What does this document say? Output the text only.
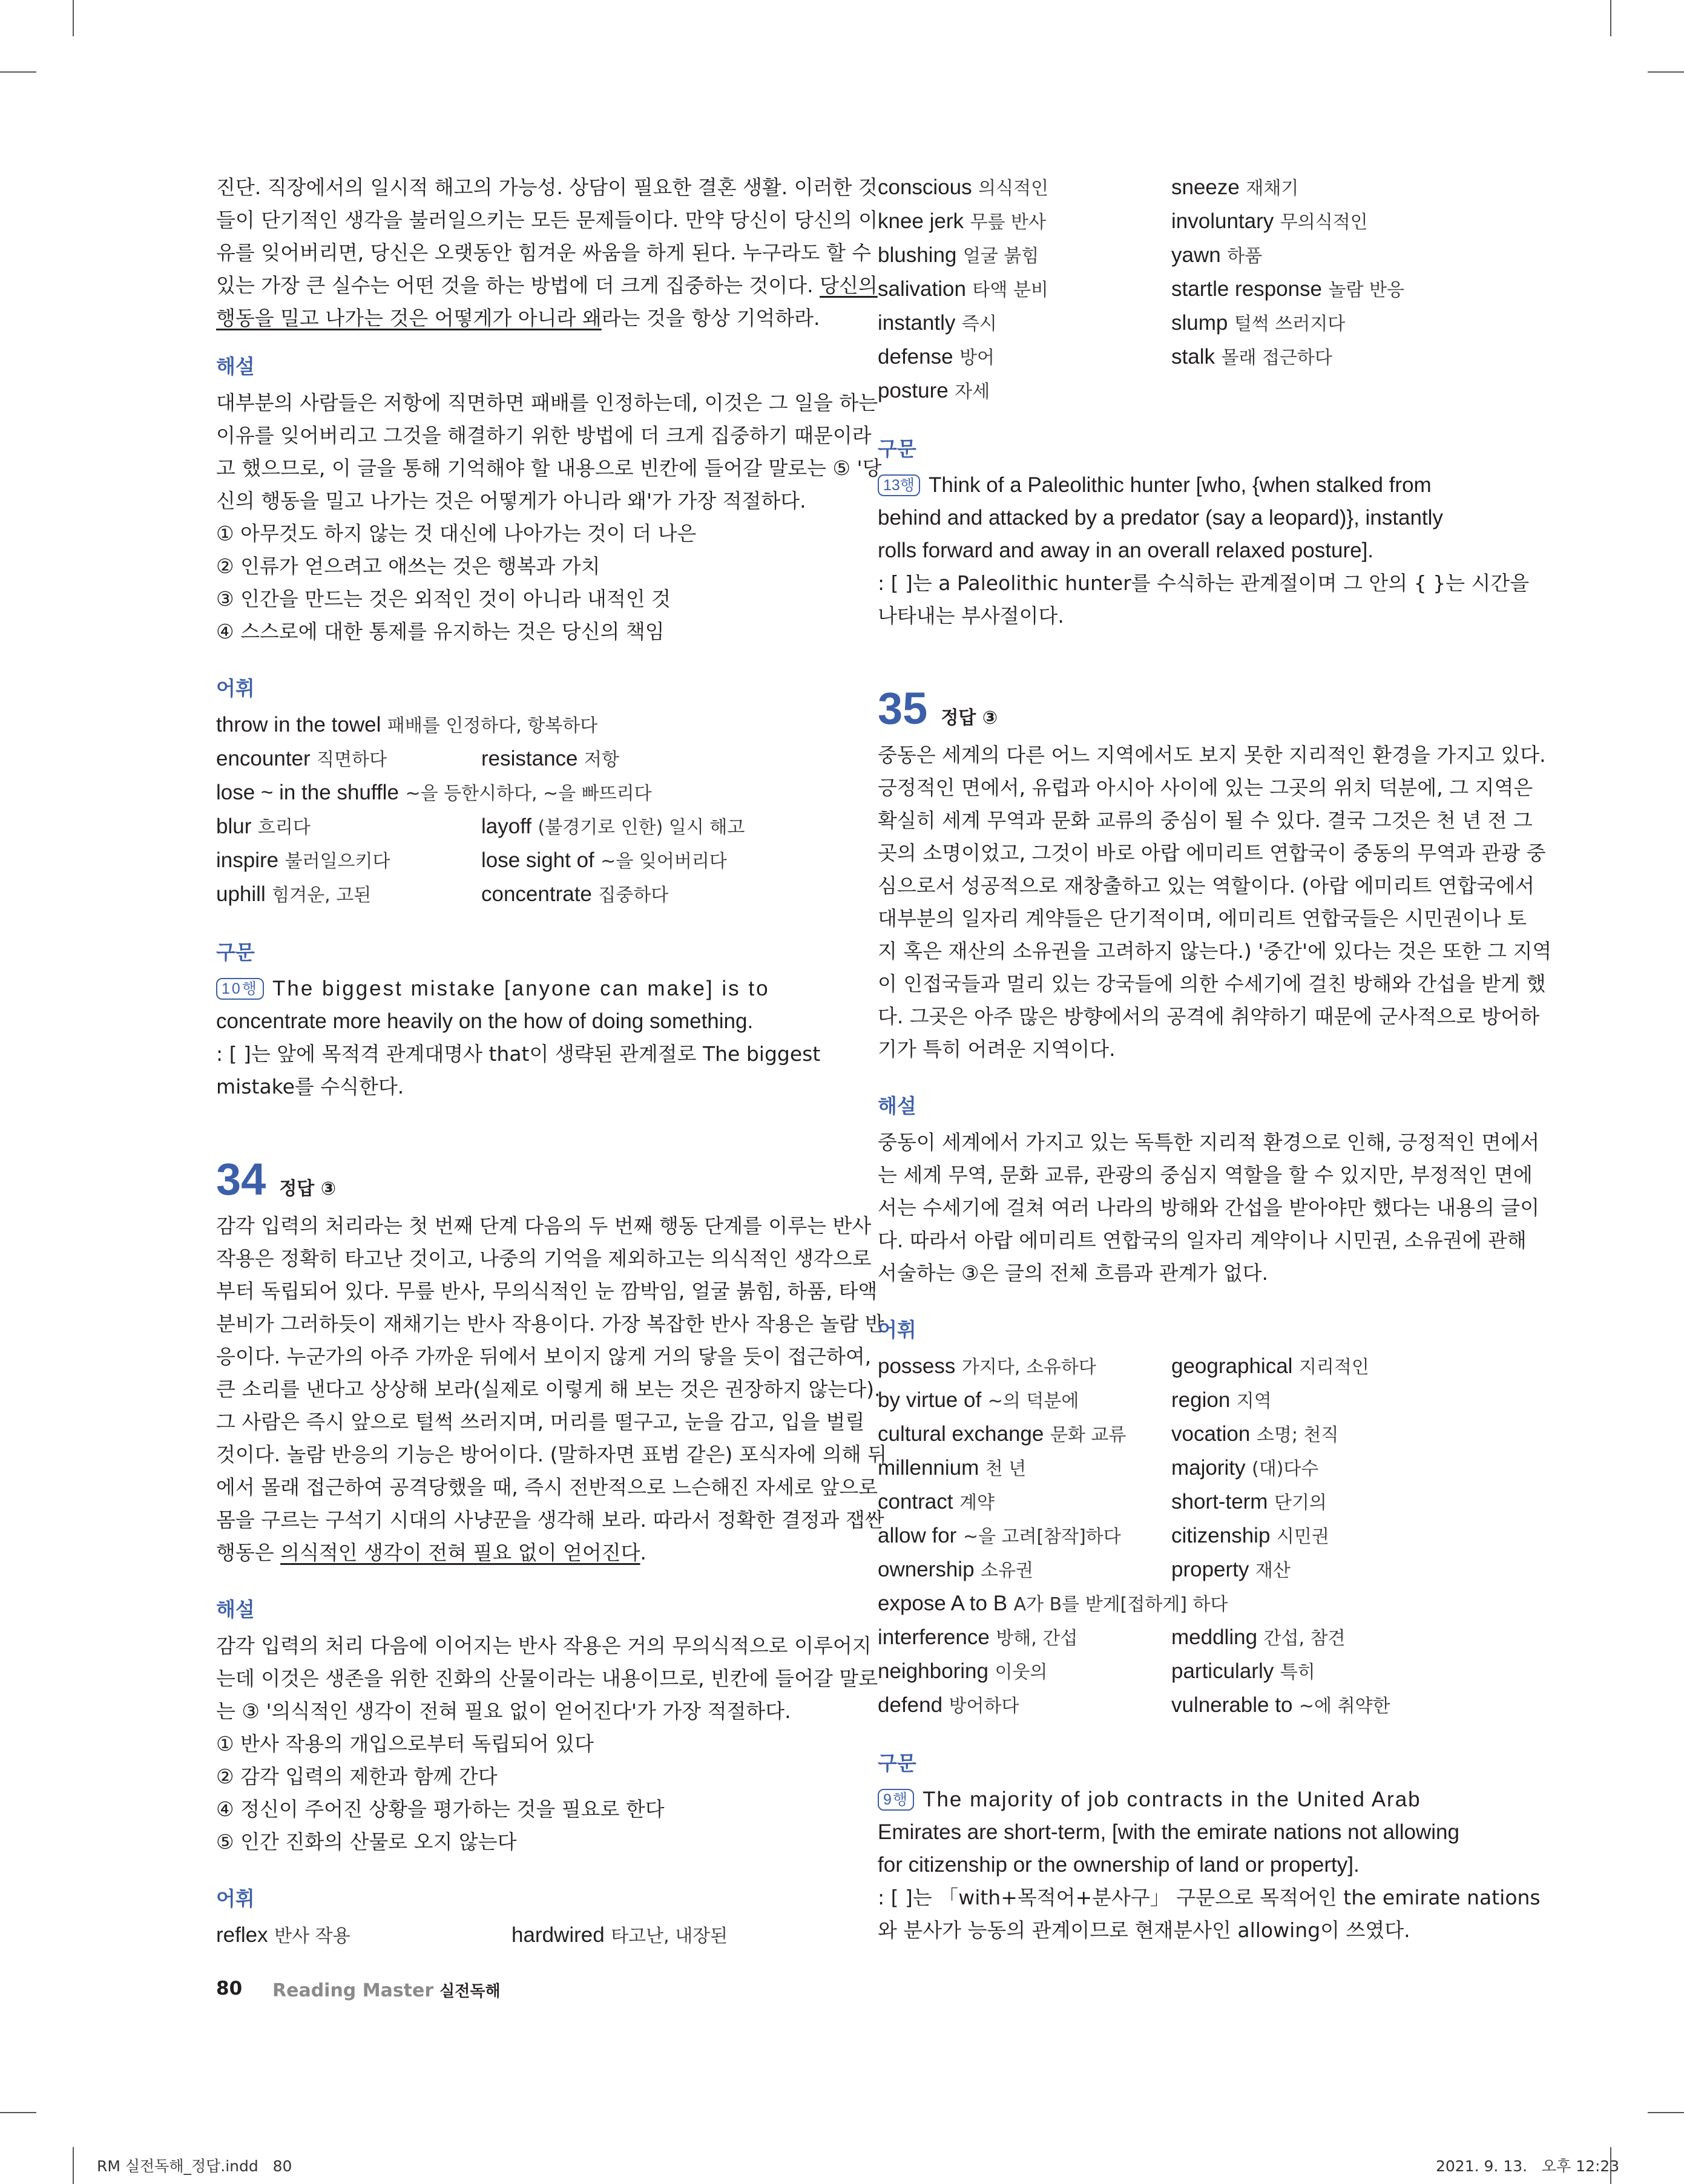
진단. 직장에서의 일시적 해고의 가능성. 상담이 필요한 결혼 생활. 이러한 것

들이 단기적인 생각을 불러일으키는 모든 문제들이다. 만약 당신이 당신의 이

유를 잊어버리면, 당신은 오랫동안 힘겨운 싸움을 하게 된다. 누구라도 할 수

있는 가장 큰 실수는 어떤 것을 하는 방법에 더 크게 집중하는 것이다. 당신의

행동을 밀고 나가는 것은 어떻게가 아니라 왜라는 것을 항상 기억하라.

해설

대부분의 사람들은 저항에 직면하면 패배를 인정하는데, 이것은 그 일을 하는

이유를 잊어버리고 그것을 해결하기 위한 방법에 더 크게 집중하기 때문이라

고 했으므로, 이 글을 통해 기억해야 할 내용으로 빈칸에 들어갈 말로는 ⑤ '당

신의 행동을 밀고 나가는 것은 어떻게가 아니라 왜'가 가장 적절하다.

① 아무것도 하지 않는 것 대신에 나아가는 것이 더 나은

② 인류가 얻으려고 애쓰는 것은 행복과 가치

③ 인간을 만드는 것은 외적인 것이 아니라 내적인 것

④ 스스로에 대한 통제를 유지하는 것은 당신의 책임

어휘
throw in the towel 패배를 인정하다, 항복하다
encounter 직면하다	resistance 저항
lose ~ in the shuffle ~을 등한시하다, ~을 빠뜨리다
blur 흐리다	layoff (불경기로 인한) 일시 해고
inspire 불러일으키다	lose sight of ~을 잊어버리다
uphill 힘겨운, 고된	concentrate 집중하다
구문

10행 The biggest mistake [anyone can make] is to

concentrate more heavily on the how of doing something.

: [ ]는 앞에 목적격 관계대명사 that이 생략된 관계절로 The biggest

mistake를 수식한다.

34 정답 ③

감각 입력의 처리라는 첫 번째 단계 다음의 두 번째 행동 단계를 이루는 반사

작용은 정확히 타고난 것이고, 나중의 기억을 제외하고는 의식적인 생각으로

부터 독립되어 있다. 무릎 반사, 무의식적인 눈 깜박임, 얼굴 붉힘, 하품, 타액

분비가 그러하듯이 재채기는 반사 작용이다. 가장 복잡한 반사 작용은 놀람 반

응이다. 누군가의 아주 가까운 뒤에서 보이지 않게 거의 닿을 듯이 접근하여,

큰 소리를 낸다고 상상해 보라(실제로 이렇게 해 보는 것은 권장하지 않는다).

그 사람은 즉시 앞으로 털썩 쓰러지며, 머리를 떨구고, 눈을 감고, 입을 벌릴

것이다. 놀람 반응의 기능은 방어이다. (말하자면 표범 같은) 포식자에 의해 뒤

에서 몰래 접근하여 공격당했을 때, 즉시 전반적으로 느슨해진 자세로 앞으로

몸을 구르는 구석기 시대의 사냥꾼을 생각해 보라. 따라서 정확한 결정과 잽싼

행동은 의식적인 생각이 전혀 필요 없이 얻어진다.

해설

감각 입력의 처리 다음에 이어지는 반사 작용은 거의 무의식적으로 이루어지

는데 이것은 생존을 위한 진화의 산물이라는 내용이므로, 빈칸에 들어갈 말로

는 ③ '의식적인 생각이 전혀 필요 없이 얻어진다'가 가장 적절하다.

① 반사 작용의 개입으로부터 독립되어 있다

② 감각 입력의 제한과 함께 간다

④ 정신이 주어진 상황을 평가하는 것을 필요로 한다

⑤ 인간 진화의 산물로 오지 않는다

어휘
reflex 반사 작용	hardwired 타고난, 내장된
conscious 의식적인	sneeze 재채기
knee jerk 무릎 반사	involuntary 무의식적인
blushing 얼굴 붉힘	yawn 하품
salivation 타액 분비	startle response 놀람 반응
instantly 즉시	slump 털썩 쓰러지다
defense 방어	stalk 몰래 접근하다
posture 자세
구문

13행 Think of a Paleolithic hunter [who, {when stalked from

behind and attacked by a predator (say a leopard)}, instantly

rolls forward and away in an overall relaxed posture].

: [ ]는 a Paleolithic hunter를 수식하는 관계절이며 그 안의 { }는 시간을

나타내는 부사절이다.

35 정답 ③

중동은 세계의 다른 어느 지역에서도 보지 못한 지리적인 환경을 가지고 있다.

긍정적인 면에서, 유럽과 아시아 사이에 있는 그곳의 위치 덕분에, 그 지역은

확실히 세계 무역과 문화 교류의 중심이 될 수 있다. 결국 그것은 천 년 전 그

곳의 소명이었고, 그것이 바로 아랍 에미리트 연합국이 중동의 무역과 관광 중

심으로서 성공적으로 재창출하고 있는 역할이다. (아랍 에미리트 연합국에서

대부분의 일자리 계약들은 단기적이며, 에미리트 연합국들은 시민권이나 토

지 혹은 재산의 소유권을 고려하지 않는다.) '중간'에 있다는 것은 또한 그 지역

이 인접국들과 멀리 있는 강국들에 의한 수세기에 걸친 방해와 간섭을 받게 했

다. 그곳은 아주 많은 방향에서의 공격에 취약하기 때문에 군사적으로 방어하

기가 특히 어려운 지역이다.

해설

중동이 세계에서 가지고 있는 독특한 지리적 환경으로 인해, 긍정적인 면에서

는 세계 무역, 문화 교류, 관광의 중심지 역할을 할 수 있지만, 부정적인 면에

서는 수세기에 걸쳐 여러 나라의 방해와 간섭을 받아야만 했다는 내용의 글이

다. 따라서 아랍 에미리트 연합국의 일자리 계약이나 시민권, 소유권에 관해

서술하는 ③은 글의 전체 흐름과 관계가 없다.

어휘
possess 가지다, 소유하다	geographical 지리적인
by virtue of ~의 덕분에	region 지역
cultural exchange 문화 교류	vocation 소명; 천직
millennium 천 년	majority (대)다수
contract 계약	short-term 단기의
allow for ~을 고려[참작]하다	citizenship 시민권
ownership 소유권	property 재산
expose A to B A가 B를 받게[접하게] 하다
interference 방해, 간섭	meddling 간섭, 참견
neighboring 이웃의	particularly 특히
defend 방어하다	vulnerable to ~에 취약한
구문

9행 The majority of job contracts in the United Arab

Emirates are short-term, [with the emirate nations not allowing

for citizenship or the ownership of land or property].

: [ ]는 「with+목적어+분사구」 구문으로 목적어인 the emirate nations

와 분사가 능동의 관계이므로 현재분사인 allowing이 쓰였다.

80 Reading Master 실전독해
RM 실전독해_정답.indd   80	2021. 9. 13.   오후 12:23
